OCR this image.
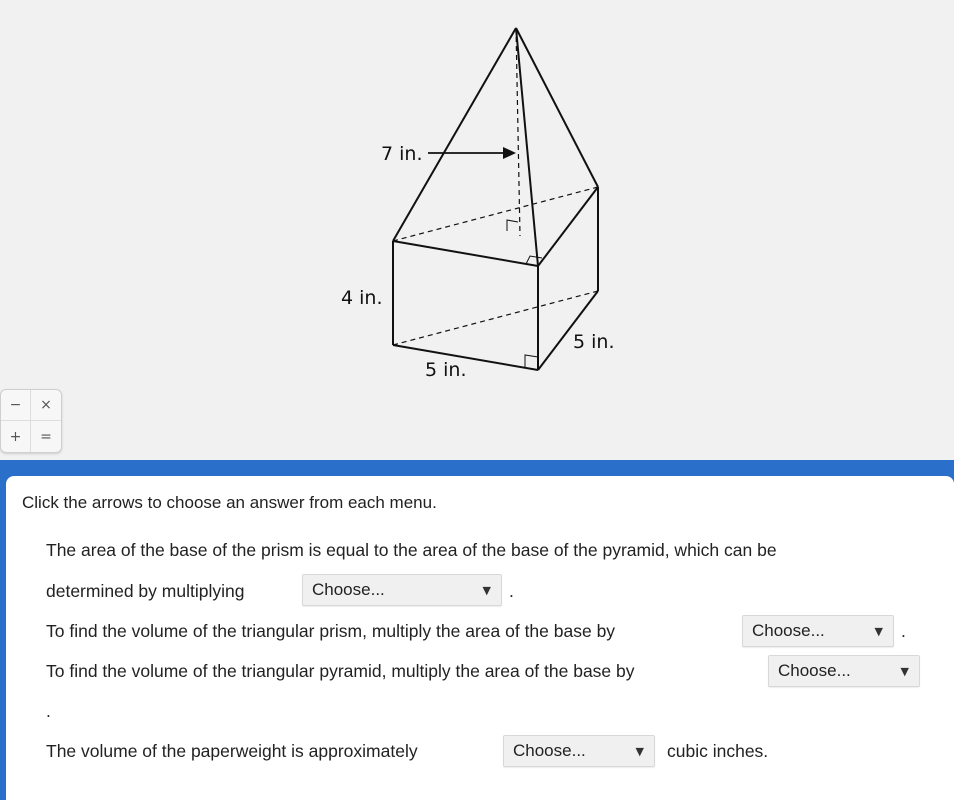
7 in.
4 in.
5 in.
5 in.
−	×
+	=
Click the arrows to choose an answer from each menu.
The area of the base of the prism is equal to the area of the base of the pyramid, which can be
determined by multiplying	Choose...	▼ .
To find the volume of the triangular prism, multiply the area of the base by	Choose...	▼ .
To find the volume of the triangular pyramid, multiply the area of the base by	Choose...	▼
.
The volume of the paperweight is approximately	Choose...	▼ cubic inches.
